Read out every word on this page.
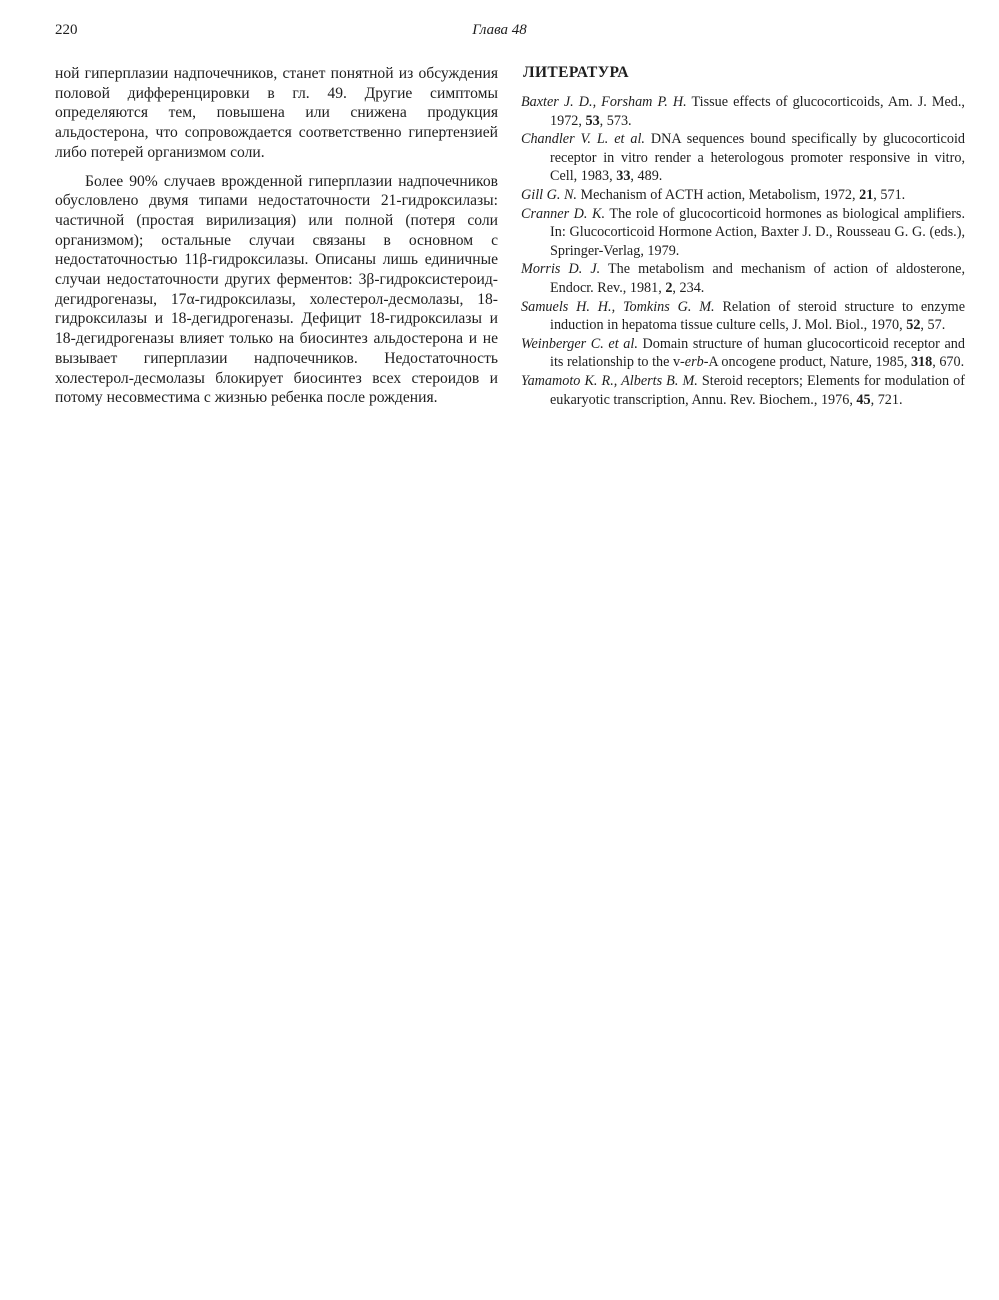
220	Глава 48

ной гиперплазии надпочечников, станет понятной из обсуждения половой дифференцировки в гл. 49. Другие симптомы определяются тем, повышена или снижена продукция альдостерона, что сопровождается соответственно гипертензией либо потерей организмом соли.

Более 90% случаев врожденной гиперплазии надпочечников обусловлено двумя типами недостаточности 21-гидроксилазы: частичной (простая вирилизация) или полной (потеря соли организмом); остальные случаи связаны в основном с недостаточностью 11β-гидроксилазы. Описаны лишь единичные случаи недостаточности других ферментов: 3β-гидроксистероид-дегидрогеназы, 17α-гидроксилазы, холестерол-десмолазы, 18-гидроксилазы и 18-дегидрогеназы. Дефицит 18-гидроксилазы и 18-дегидрогеназы влияет только на биосинтез альдостерона и не вызывает гиперплазии надпочечников. Недостаточность холестерол-десмолазы блокирует биосинтез всех стероидов и потому несовместима с жизнью ребенка после рождения.

ЛИТЕРАТУРА
Baxter J. D., Forsham P. H. Tissue effects of glucocorticoids, Am. J. Med., 1972, 53, 573.
Chandler V. L. et al. DNA sequences bound specifically by glucocorticoid receptor in vitro render a heterologous promoter responsive in vitro, Cell, 1983, 33, 489.
Gill G. N. Mechanism of ACTH action, Metabolism, 1972, 21, 571.
Cranner D. K. The role of glucocorticoid hormones as biological amplifiers. In: Glucocorticoid Hormone Action, Baxter J. D., Rousseau G. G. (eds.), Springer-Verlag, 1979.
Morris D. J. The metabolism and mechanism of action of aldosterone, Endocr. Rev., 1981, 2, 234.
Samuels H. H., Tomkins G. M. Relation of steroid structure to enzyme induction in hepatoma tissue culture cells, J. Mol. Biol., 1970, 52, 57.
Weinberger C. et al. Domain structure of human glucocorticoid receptor and its relationship to the v-erb-A oncogene product, Nature, 1985, 318, 670.
Yamamoto K. R., Alberts B. M. Steroid receptors; Elements for modulation of eukaryotic transcription, Annu. Rev. Biochem., 1976, 45, 721.
